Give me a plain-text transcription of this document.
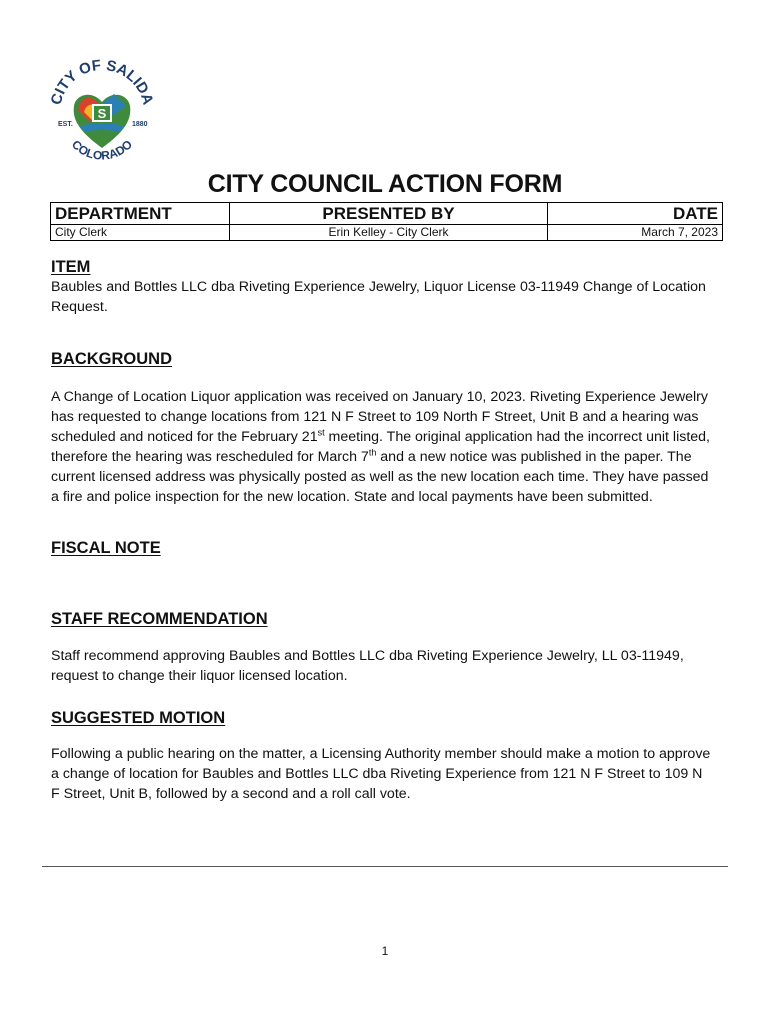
CITY OF SALIDA
COLORADO
S
EST.	1880
CITY COUNCIL ACTION FORM
DEPARTMENT	PRESENTED BY	DATE
City Clerk	Erin Kelley - City Clerk	March 7, 2023

ITEM

Baubles and Bottles LLC dba Riveting Experience Jewelry, Liquor License 03-11949 Change of Location Request.

BACKGROUND

A Change of Location Liquor application was received on January 10, 2023. Riveting Experience Jewelry has requested to change locations from 121 N F Street to 109 North F Street, Unit B and a hearing was scheduled and noticed for the February 21st meeting. The original application had the incorrect unit listed, therefore the hearing was rescheduled for March 7th and a new notice was published in the paper. The current licensed address was physically posted as well as the new location each time. They have passed a fire and police inspection for the new location. State and local payments have been submitted.

FISCAL NOTE

STAFF RECOMMENDATION

Staff recommend approving Baubles and Bottles LLC dba Riveting Experience Jewelry, LL 03-11949, request to change their liquor licensed location.

SUGGESTED MOTION

Following a public hearing on the matter, a Licensing Authority member should make a motion to approve a change of location for Baubles and Bottles LLC dba Riveting Experience from 121 N F Street to 109 N F Street, Unit B, followed by a second and a roll call vote.

1
